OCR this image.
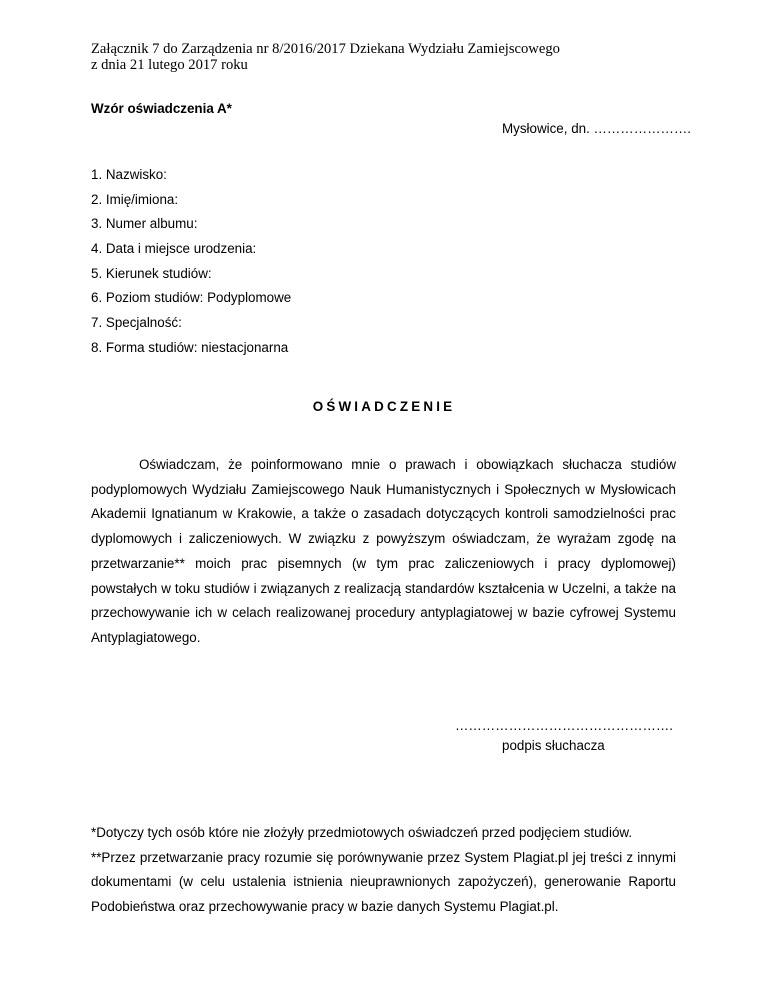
Załącznik 7 do Zarządzenia nr 8/2016/2017 Dziekana Wydziału Zamiejscowego
z dnia 21 lutego 2017 roku
Wzór oświadczenia A*
Mysłowice, dn. ………………….
1. Nazwisko:
2. Imię/imiona:
3. Numer albumu:
4. Data i miejsce urodzenia:
5. Kierunek studiów:
6. Poziom studiów: Podyplomowe
7. Specjalność:
8. Forma studiów: niestacjonarna
OŚWIADCZENIE

Oświadczam, że poinformowano mnie o prawach i obowiązkach słuchacza studiów podyplomowych Wydziału Zamiejscowego Nauk Humanistycznych i Społecznych w Mysłowicach Akademii Ignatianum w Krakowie, a także o zasadach dotyczących kontroli samodzielności prac dyplomowych i zaliczeniowych. W związku z powyższym oświadczam, że wyrażam zgodę na przetwarzanie** moich prac pisemnych (w tym prac zaliczeniowych i pracy dyplomowej) powstałych w toku studiów i związanych z realizacją standardów kształcenia w Uczelni, a także na przechowywanie ich w celach realizowanej procedury antyplagiatowej w bazie cyfrowej Systemu Antyplagiatowego.

………………………………………….
podpis słuchacza

*Dotyczy tych osób które nie złożyły przedmiotowych oświadczeń przed podjęciem studiów.

**Przez przetwarzanie pracy rozumie się porównywanie przez System Plagiat.pl jej treści z innymi dokumentami (w celu ustalenia istnienia nieuprawnionych zapożyczeń), generowanie Raportu Podobieństwa oraz przechowywanie pracy w bazie danych Systemu Plagiat.pl.
